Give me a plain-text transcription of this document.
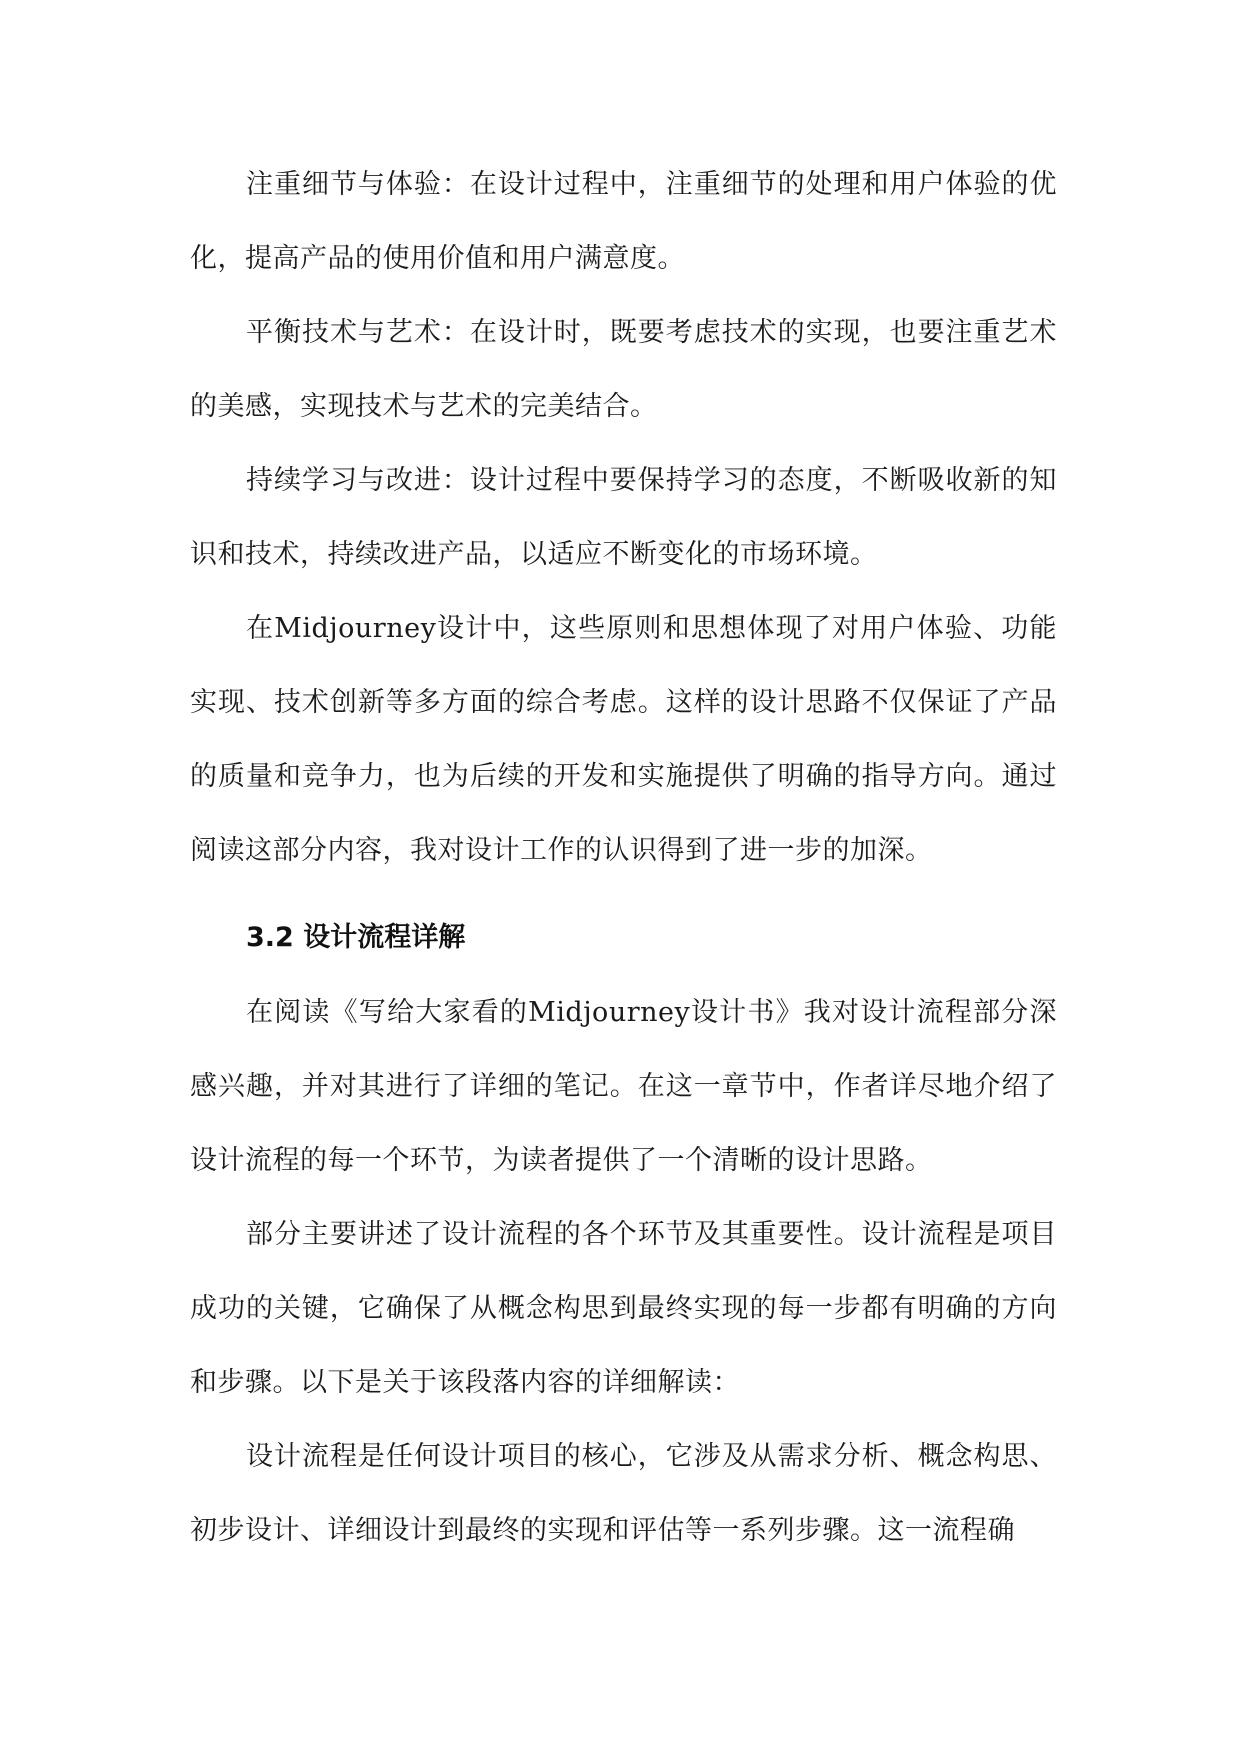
注重细节与体验：在设计过程中，注重细节的处理和用户体验的优化，提高产品的使用价值和用户满意度。

平衡技术与艺术：在设计时，既要考虑技术的实现，也要注重艺术的美感，实现技术与艺术的完美结合。

持续学习与改进：设计过程中要保持学习的态度，不断吸收新的知识和技术，持续改进产品，以适应不断变化的市场环境。

在Midjourney设计中，这些原则和思想体现了对用户体验、功能实现、技术创新等多方面的综合考虑。这样的设计思路不仅保证了产品的质量和竞争力，也为后续的开发和实施提供了明确的指导方向。通过阅读这部分内容，我对设计工作的认识得到了进一步的加深。

3.2 设计流程详解

在阅读《写给大家看的Midjourney设计书》我对设计流程部分深感兴趣，并对其进行了详细的笔记。在这一章节中，作者详尽地介绍了设计流程的每一个环节，为读者提供了一个清晰的设计思路。

部分主要讲述了设计流程的各个环节及其重要性。设计流程是项目成功的关键，它确保了从概念构思到最终实现的每一步都有明确的方向和步骤。以下是关于该段落内容的详细解读：

设计流程是任何设计项目的核心，它涉及从需求分析、概念构思、初步设计、详细设计到最终的实现和评估等一系列步骤。这一流程确
